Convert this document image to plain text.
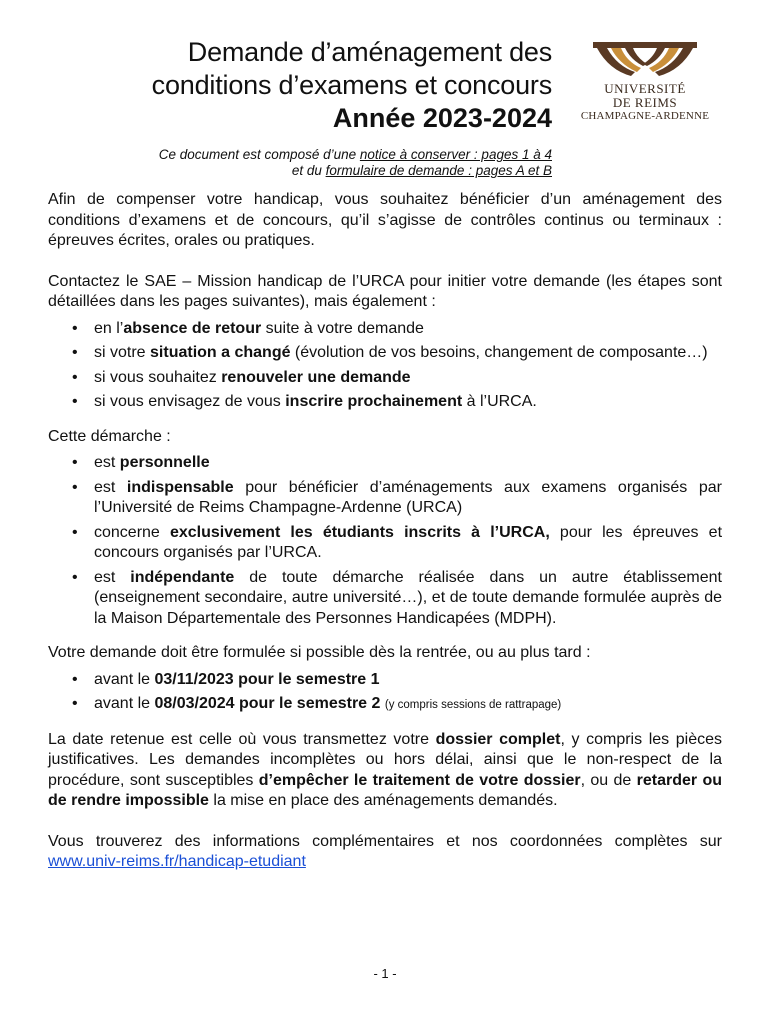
Demande d’aménagement des
conditions d’examens et concours
Année 2023-2024
Ce document est composé d’une notice à conserver : pages 1 à 4
et du formulaire de demande : pages A et B
UNIVERSITÉ
DE REIMS
CHAMPAGNE-ARDENNE

Afin de compenser votre handicap, vous souhaitez bénéficier d’un aménagement des conditions d’examens et de concours, qu’il s’agisse de contrôles continus ou terminaux : épreuves écrites, orales ou pratiques.

Contactez le SAE – Mission handicap de l’URCA pour initier votre demande (les étapes sont détaillées dans les pages suivantes), mais également :

• en l’absence de retour suite à votre demande
• si votre situation a changé (évolution de vos besoins, changement de composante…)
• si vous souhaitez renouveler une demande
• si vous envisagez de vous inscrire prochainement à l’URCA.

Cette démarche :

• est personnelle
• est indispensable pour bénéficier d’aménagements aux examens organisés par l’Université de Reims Champagne-Ardenne (URCA)
• concerne exclusivement les étudiants inscrits à l’URCA, pour les épreuves et concours organisés par l’URCA.
• est indépendante de toute démarche réalisée dans un autre établissement (enseignement secondaire, autre université…), et de toute demande formulée auprès de la Maison Départementale des Personnes Handicapées (MDPH).

Votre demande doit être formulée si possible dès la rentrée, ou au plus tard :

• avant le 03/11/2023 pour le semestre 1
• avant le 08/03/2024 pour le semestre 2 (y compris sessions de rattrapage)

La date retenue est celle où vous transmettez votre dossier complet, y compris les pièces justificatives. Les demandes incomplètes ou hors délai, ainsi que le non-respect de la procédure, sont susceptibles d’empêcher le traitement de votre dossier, ou de retarder ou de rendre impossible la mise en place des aménagements demandés.

Vous trouverez des informations complémentaires et nos coordonnées complètes sur www.univ-reims.fr/handicap-etudiant

- 1 -
